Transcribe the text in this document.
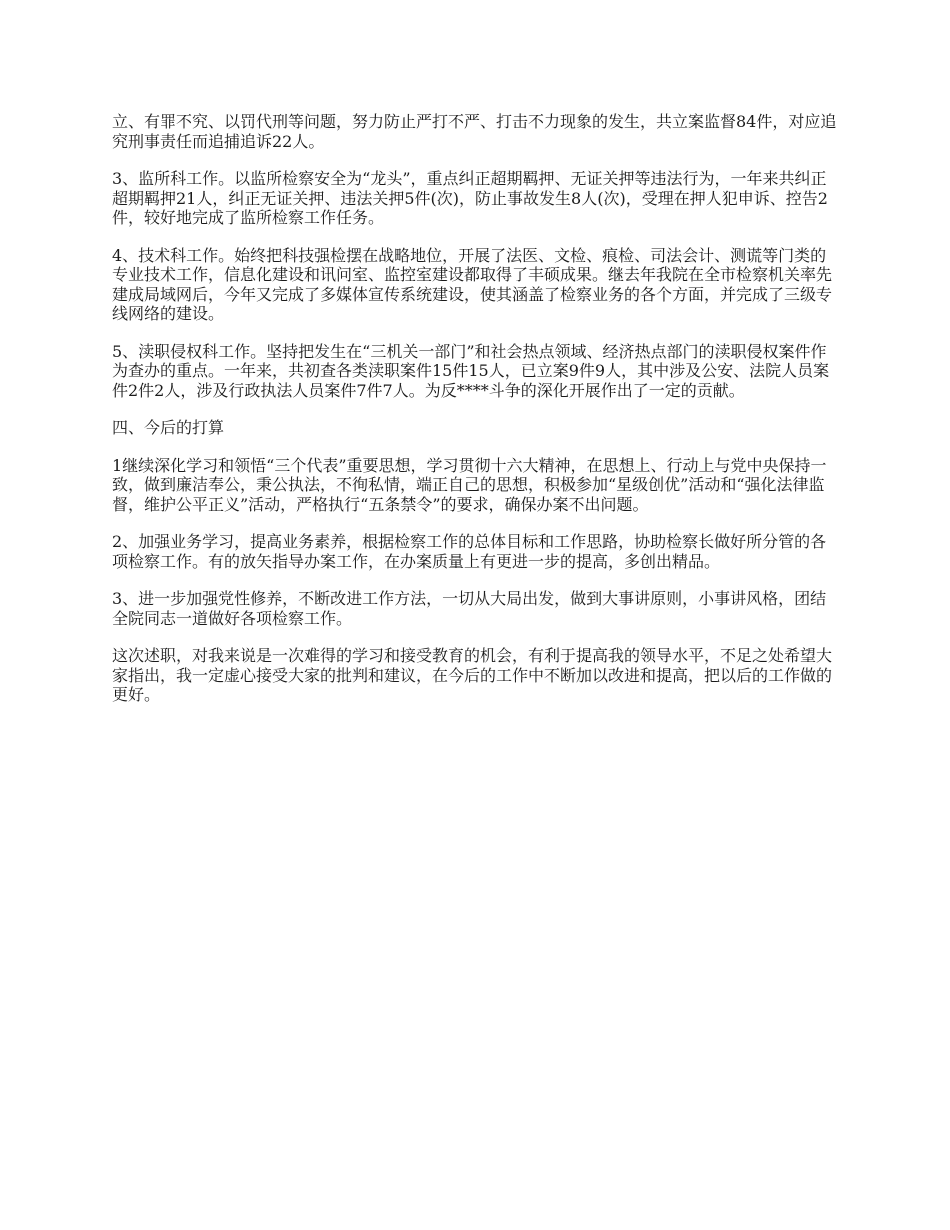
立、有罪不究、以罚代刑等问题，努力防止严打不严、打击不力现象的发生，共立案监督84件，对应追究刑事责任而追捕追诉22人。

3、监所科工作。以监所检察安全为“龙头”，重点纠正超期羁押、无证关押等违法行为，一年来共纠正超期羁押21人，纠正无证关押、违法关押5件(次)，防止事故发生8人(次)，受理在押人犯申诉、控告2件，较好地完成了监所检察工作任务。

4、技术科工作。始终把科技强检摆在战略地位，开展了法医、文检、痕检、司法会计、测谎等门类的专业技术工作，信息化建设和讯问室、监控室建设都取得了丰硕成果。继去年我院在全市检察机关率先建成局域网后，今年又完成了多媒体宣传系统建设，使其涵盖了检察业务的各个方面，并完成了三级专线网络的建设。

5、渎职侵权科工作。坚持把发生在“三机关一部门”和社会热点领域、经济热点部门的渎职侵权案件作为查办的重点。一年来，共初查各类渎职案件15件15人，已立案9件9人，其中涉及公安、法院人员案件2件2人，涉及行政执法人员案件7件7人。为反****斗争的深化开展作出了一定的贡献。

四、今后的打算

1继续深化学习和领悟“三个代表”重要思想，学习贯彻十六大精神，在思想上、行动上与党中央保持一致，做到廉洁奉公，秉公执法，不徇私情，端正自己的思想，积极参加“星级创优”活动和“强化法律监督，维护公平正义”活动，严格执行“五条禁令”的要求，确保办案不出问题。

2、加强业务学习，提高业务素养，根据检察工作的总体目标和工作思路，协助检察长做好所分管的各项检察工作。有的放矢指导办案工作，在办案质量上有更进一步的提高，多创出精品。

3、进一步加强党性修养，不断改进工作方法，一切从大局出发，做到大事讲原则，小事讲风格，团结全院同志一道做好各项检察工作。

这次述职，对我来说是一次难得的学习和接受教育的机会，有利于提高我的领导水平，不足之处希望大家指出，我一定虚心接受大家的批判和建议，在今后的工作中不断加以改进和提高，把以后的工作做的更好。
